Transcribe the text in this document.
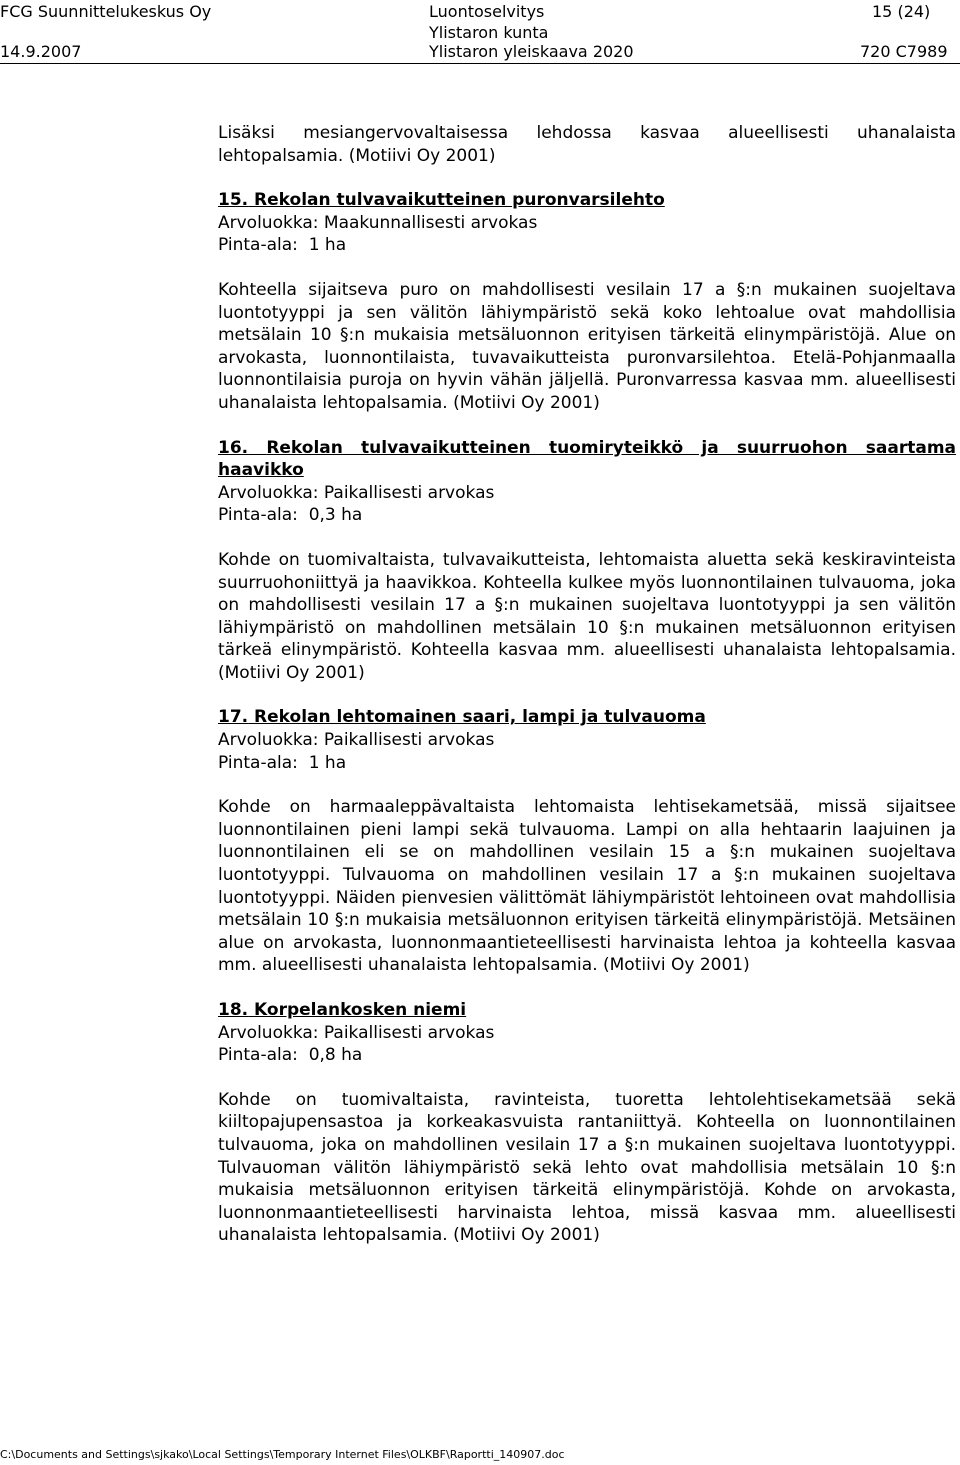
FCG Suunnittelukeskus Oy	Luontoselvitys	15 (24)
Ylistaron kunta
14.9.2007	Ylistaron yleiskaava 2020	720 C7989

Lisäksi mesiangervovaltaisessa lehdossa kasvaa alueellisesti uhanalaista lehtopalsamia. (Motiivi Oy 2001)

15. Rekolan tulvavaikutteinen puronvarsilehto

Arvoluokka: Maakunnallisesti arvokas

Pinta-ala: 1 ha

Kohteella sijaitseva puro on mahdollisesti vesilain 17 a §:n mukainen suojeltava luontotyyppi ja sen välitön lähiympäristö sekä koko lehtoalue ovat mahdollisia metsälain 10 §:n mukaisia metsäluonnon erityisen tärkeitä elinympäristöjä. Alue on arvokasta, luonnontilaista, tuvavaikutteista puronvarsilehtoa. Etelä-Pohjanmaalla luonnontilaisia puroja on hyvin vähän jäljellä. Puronvarressa kasvaa mm. alueellisesti uhanalaista lehtopalsamia. (Motiivi Oy 2001)

16. Rekolan tulvavaikutteinen tuomiryteikkö ja suurruohon saartama haavikko

Arvoluokka: Paikallisesti arvokas

Pinta-ala: 0,3 ha

Kohde on tuomivaltaista, tulvavaikutteista, lehtomaista aluetta sekä keskiravinteista suurruohoniittyä ja haavikkoa. Kohteella kulkee myös luonnontilainen tulvauoma, joka on mahdollisesti vesilain 17 a §:n mukainen suojeltava luontotyyppi ja sen välitön lähiympäristö on mahdollinen metsälain 10 §:n mukainen metsäluonnon erityisen tärkeä elinympäristö. Kohteella kasvaa mm. alueellisesti uhanalaista lehtopalsamia. (Motiivi Oy 2001)

17. Rekolan lehtomainen saari, lampi ja tulvauoma

Arvoluokka: Paikallisesti arvokas

Pinta-ala: 1 ha

Kohde on harmaaleppävaltaista lehtomaista lehtisekametsää, missä sijaitsee luonnontilainen pieni lampi sekä tulvauoma. Lampi on alla hehtaarin laajuinen ja luonnontilainen eli se on mahdollinen vesilain 15 a §:n mukainen suojeltava luontotyyppi. Tulvauoma on mahdollinen vesilain 17 a §:n mukainen suojeltava luontotyyppi. Näiden pienvesien välittömät lähiympäristöt lehtoineen ovat mahdollisia metsälain 10 §:n mukaisia metsäluonnon erityisen tärkeitä elinympäristöjä. Metsäinen alue on arvokasta, luonnonmaantieteellisesti harvinaista lehtoa ja kohteella kasvaa mm. alueellisesti uhanalaista lehtopalsamia. (Motiivi Oy 2001)

18. Korpelankosken niemi

Arvoluokka: Paikallisesti arvokas

Pinta-ala: 0,8 ha

Kohde on tuomivaltaista, ravinteista, tuoretta lehtolehtisekametsää sekä kiiltopajupensastoa ja korkeakasvuista rantaniittyä. Kohteella on luonnontilainen tulvauoma, joka on mahdollinen vesilain 17 a §:n mukainen suojeltava luontotyyppi. Tulvauoman välitön lähiympäristö sekä lehto ovat mahdollisia metsälain 10 §:n mukaisia metsäluonnon erityisen tärkeitä elinympäristöjä. Kohde on arvokasta, luonnonmaantieteellisesti harvinaista lehtoa, missä kasvaa mm. alueellisesti uhanalaista lehtopalsamia. (Motiivi Oy 2001)

C:\Documents and Settings\sjkako\Local Settings\Temporary Internet Files\OLKBF\Raportti_140907.doc
